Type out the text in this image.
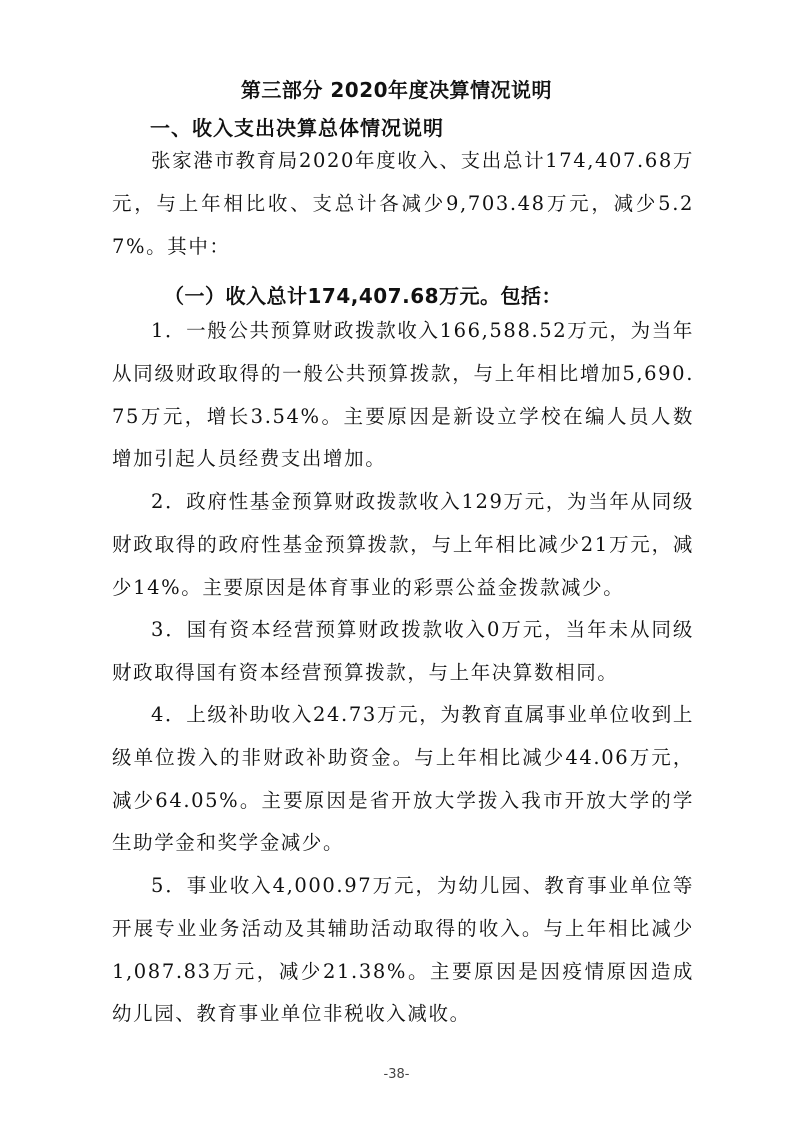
第三部分 2020年度决算情况说明
一、收入支出决算总体情况说明
张家港市教育局2020年度收入、支出总计174,407.68万元，与上年相比收、支总计各减少9,703.48万元，减少5.27%。其中：
（一）收入总计174,407.68万元。包括：
1．一般公共预算财政拨款收入166,588.52万元，为当年从同级财政取得的一般公共预算拨款，与上年相比增加5,690.75万元，增长3.54%。主要原因是新设立学校在编人员人数增加引起人员经费支出增加。
2．政府性基金预算财政拨款收入129万元，为当年从同级财政取得的政府性基金预算拨款，与上年相比减少21万元，减少14%。主要原因是体育事业的彩票公益金拨款减少。
3．国有资本经营预算财政拨款收入0万元，当年未从同级财政取得国有资本经营预算拨款，与上年决算数相同。
4．上级补助收入24.73万元，为教育直属事业单位收到上级单位拨入的非财政补助资金。与上年相比减少44.06万元，减少64.05%。主要原因是省开放大学拨入我市开放大学的学生助学金和奖学金减少。
5．事业收入4,000.97万元，为幼儿园、教育事业单位等开展专业业务活动及其辅助活动取得的收入。与上年相比减少1,087.83万元，减少21.38%。主要原因是因疫情原因造成幼儿园、教育事业单位非税收入减收。
-38-
